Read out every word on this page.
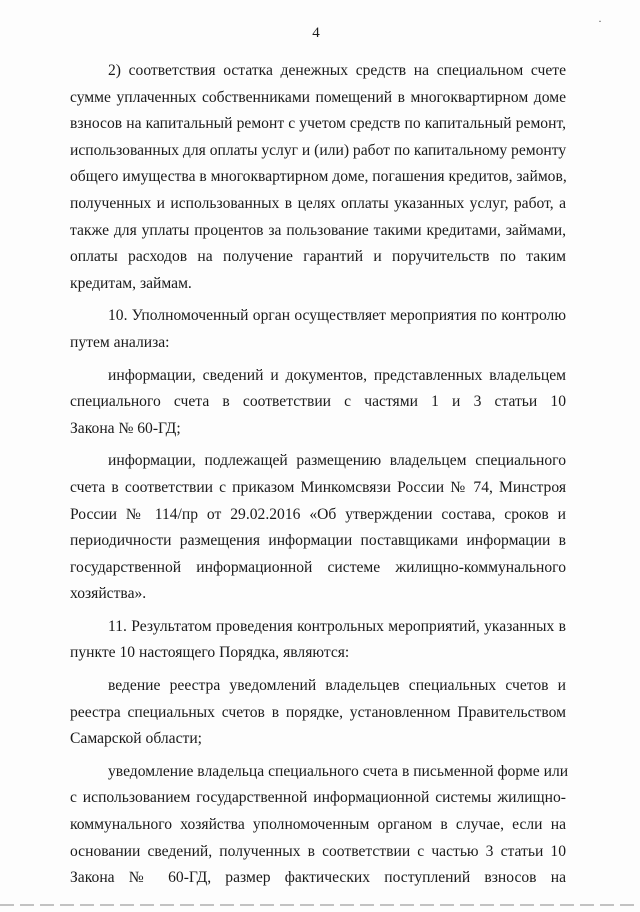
4
2) соответствия остатка денежных средств на специальном счете
сумме уплаченных собственниками помещений в многоквартирном доме
взносов на капитальный ремонт с учетом средств по капитальный ремонт,
использованных для оплаты услуг и (или) работ по капитальному ремонту
общего имущества в многоквартирном доме, погашения кредитов, займов,
полученных и использованных в целях оплаты указанных услуг, работ, а
также для уплаты процентов за пользование такими кредитами, займами,
оплаты расходов на получение гарантий и поручительств по таким
кредитам, займам.
10. Уполномоченный орган осуществляет мероприятия по контролю
путем анализа:
информации, сведений и документов, представленных владельцем
специального счета в соответствии с частями 1 и 3 статьи 10
Закона № 60-ГД;
информации, подлежащей размещению владельцем специального
счета в соответствии с приказом Минкомсвязи России № 74, Минстроя
России № 114/пр от 29.02.2016 «Об утверждении состава, сроков и
периодичности размещения информации поставщиками информации в
государственной информационной системе жилищно-коммунального
хозяйства».
11. Результатом проведения контрольных мероприятий, указанных в
пункте 10 настоящего Порядка, являются:
ведение реестра уведомлений владельцев специальных счетов и
реестра специальных счетов в порядке, установленном Правительством
Самарской области;
уведомление владельца специального счета в письменной форме или
с использованием государственной информационной системы жилищно-
коммунального хозяйства уполномоченным органом в случае, если на
основании сведений, полученных в соответствии с частью 3 статьи 10
Закона № 60-ГД, размер фактических поступлений взносов на
·
